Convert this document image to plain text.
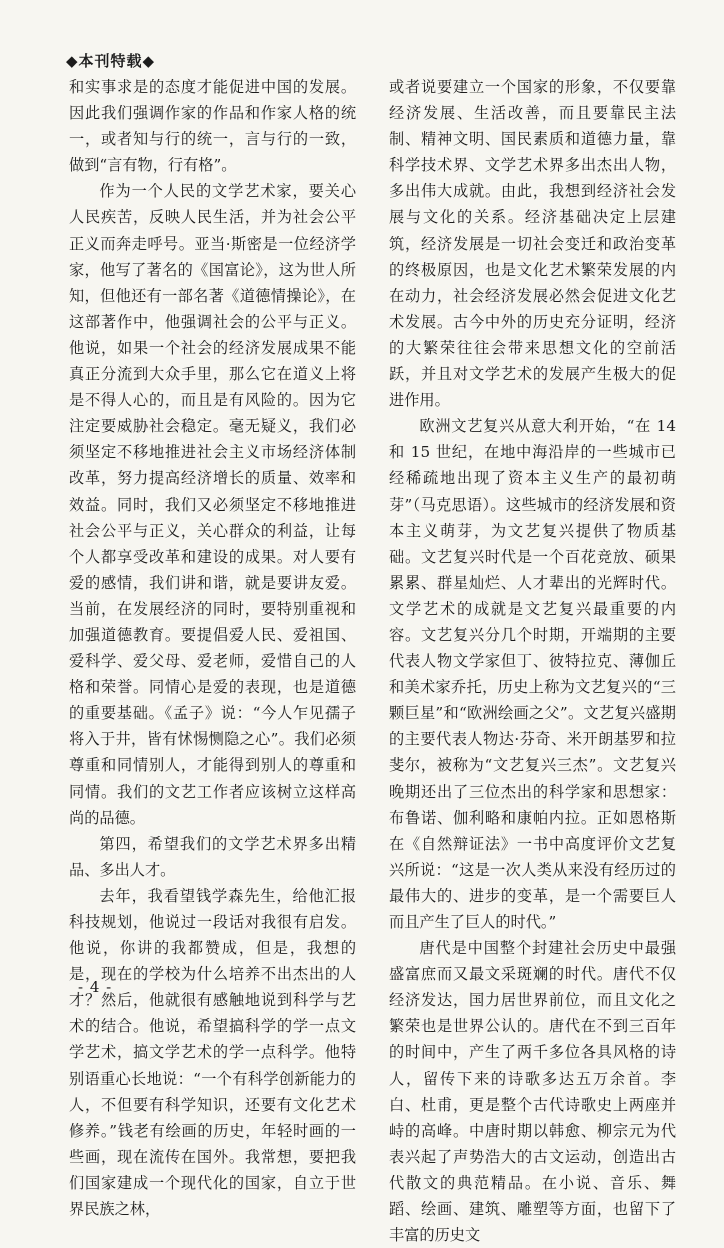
◆本刊特载◆

和实事求是的态度才能促进中国的发展。因此我们强调作家的作品和作家人格的统一，或者知与行的统一，言与行的一致，做到“言有物，行有格”。

作为一个人民的文学艺术家，要关心人民疾苦，反映人民生活，并为社会公平正义而奔走呼号。亚当·斯密是一位经济学家，他写了著名的《国富论》，这为世人所知，但他还有一部名著《道德情操论》，在这部著作中，他强调社会的公平与正义。他说，如果一个社会的经济发展成果不能真正分流到大众手里，那么它在道义上将是不得人心的，而且是有风险的。因为它注定要威胁社会稳定。毫无疑义，我们必须坚定不移地推进社会主义市场经济体制改革，努力提高经济增长的质量、效率和效益。同时，我们又必须坚定不移地推进社会公平与正义，关心群众的利益，让每个人都享受改革和建设的成果。对人要有爱的感情，我们讲和谐，就是要讲友爱。当前，在发展经济的同时，要特别重视和加强道德教育。要提倡爱人民、爱祖国、爱科学、爱父母、爱老师，爱惜自己的人格和荣誉。同情心是爱的表现，也是道德的重要基础。《孟子》说：“今人乍见孺子将入于井，皆有怵惕恻隐之心”。我们必须尊重和同情别人，才能得到别人的尊重和同情。我们的文艺工作者应该树立这样高尚的品德。

第四，希望我们的文学艺术界多出精品、多出人才。

去年，我看望钱学森先生，给他汇报科技规划，他说过一段话对我很有启发。他说，你讲的我都赞成，但是，我想的是，现在的学校为什么培养不出杰出的人才？然后，他就很有感触地说到科学与艺术的结合。他说，希望搞科学的学一点文学艺术，搞文学艺术的学一点科学。他特别语重心长地说：“一个有科学创新能力的人，不但要有科学知识，还要有文化艺术修养。”钱老有绘画的历史，年轻时画的一些画，现在流传在国外。我常想，要把我们国家建成一个现代化的国家，自立于世界民族之林，

或者说要建立一个国家的形象，不仅要靠经济发展、生活改善，而且要靠民主法制、精神文明、国民素质和道德力量，靠科学技术界、文学艺术界多出杰出人物，多出伟大成就。由此，我想到经济社会发展与文化的关系。经济基础决定上层建筑，经济发展是一切社会变迁和政治变革的终极原因，也是文化艺术繁荣发展的内在动力，社会经济发展必然会促进文化艺术发展。古今中外的历史充分证明，经济的大繁荣往往会带来思想文化的空前活跃，并且对文学艺术的发展产生极大的促进作用。

欧洲文艺复兴从意大利开始，“在 14 和 15 世纪，在地中海沿岸的一些城市已经稀疏地出现了资本主义生产的最初萌芽”（马克思语）。这些城市的经济发展和资本主义萌芽，为文艺复兴提供了物质基础。文艺复兴时代是一个百花竞放、硕果累累、群星灿烂、人才辈出的光辉时代。文学艺术的成就是文艺复兴最重要的内容。文艺复兴分几个时期，开端期的主要代表人物文学家但丁、彼特拉克、薄伽丘和美术家乔托，历史上称为文艺复兴的“三颗巨星”和“欧洲绘画之父”。文艺复兴盛期的主要代表人物达·芬奇、米开朗基罗和拉斐尔，被称为“文艺复兴三杰”。文艺复兴晚期还出了三位杰出的科学家和思想家：布鲁诺、伽利略和康帕内拉。正如恩格斯在《自然辩证法》一书中高度评价文艺复兴所说：“这是一次人类从来没有经历过的最伟大的、进步的变革，是一个需要巨人而且产生了巨人的时代。”

唐代是中国整个封建社会历史中最强盛富庶而又最文采斑斓的时代。唐代不仅经济发达，国力居世界前位，而且文化之繁荣也是世界公认的。唐代在不到三百年的时间中，产生了两千多位各具风格的诗人，留传下来的诗歌多达五万余首。李白、杜甫，更是整个古代诗歌史上两座并峙的高峰。中唐时期以韩愈、柳宗元为代表兴起了声势浩大的古文运动，创造出古代散文的典范精品。在小说、音乐、舞蹈、绘画、建筑、雕塑等方面，也留下了丰富的历史文

- 4 -
